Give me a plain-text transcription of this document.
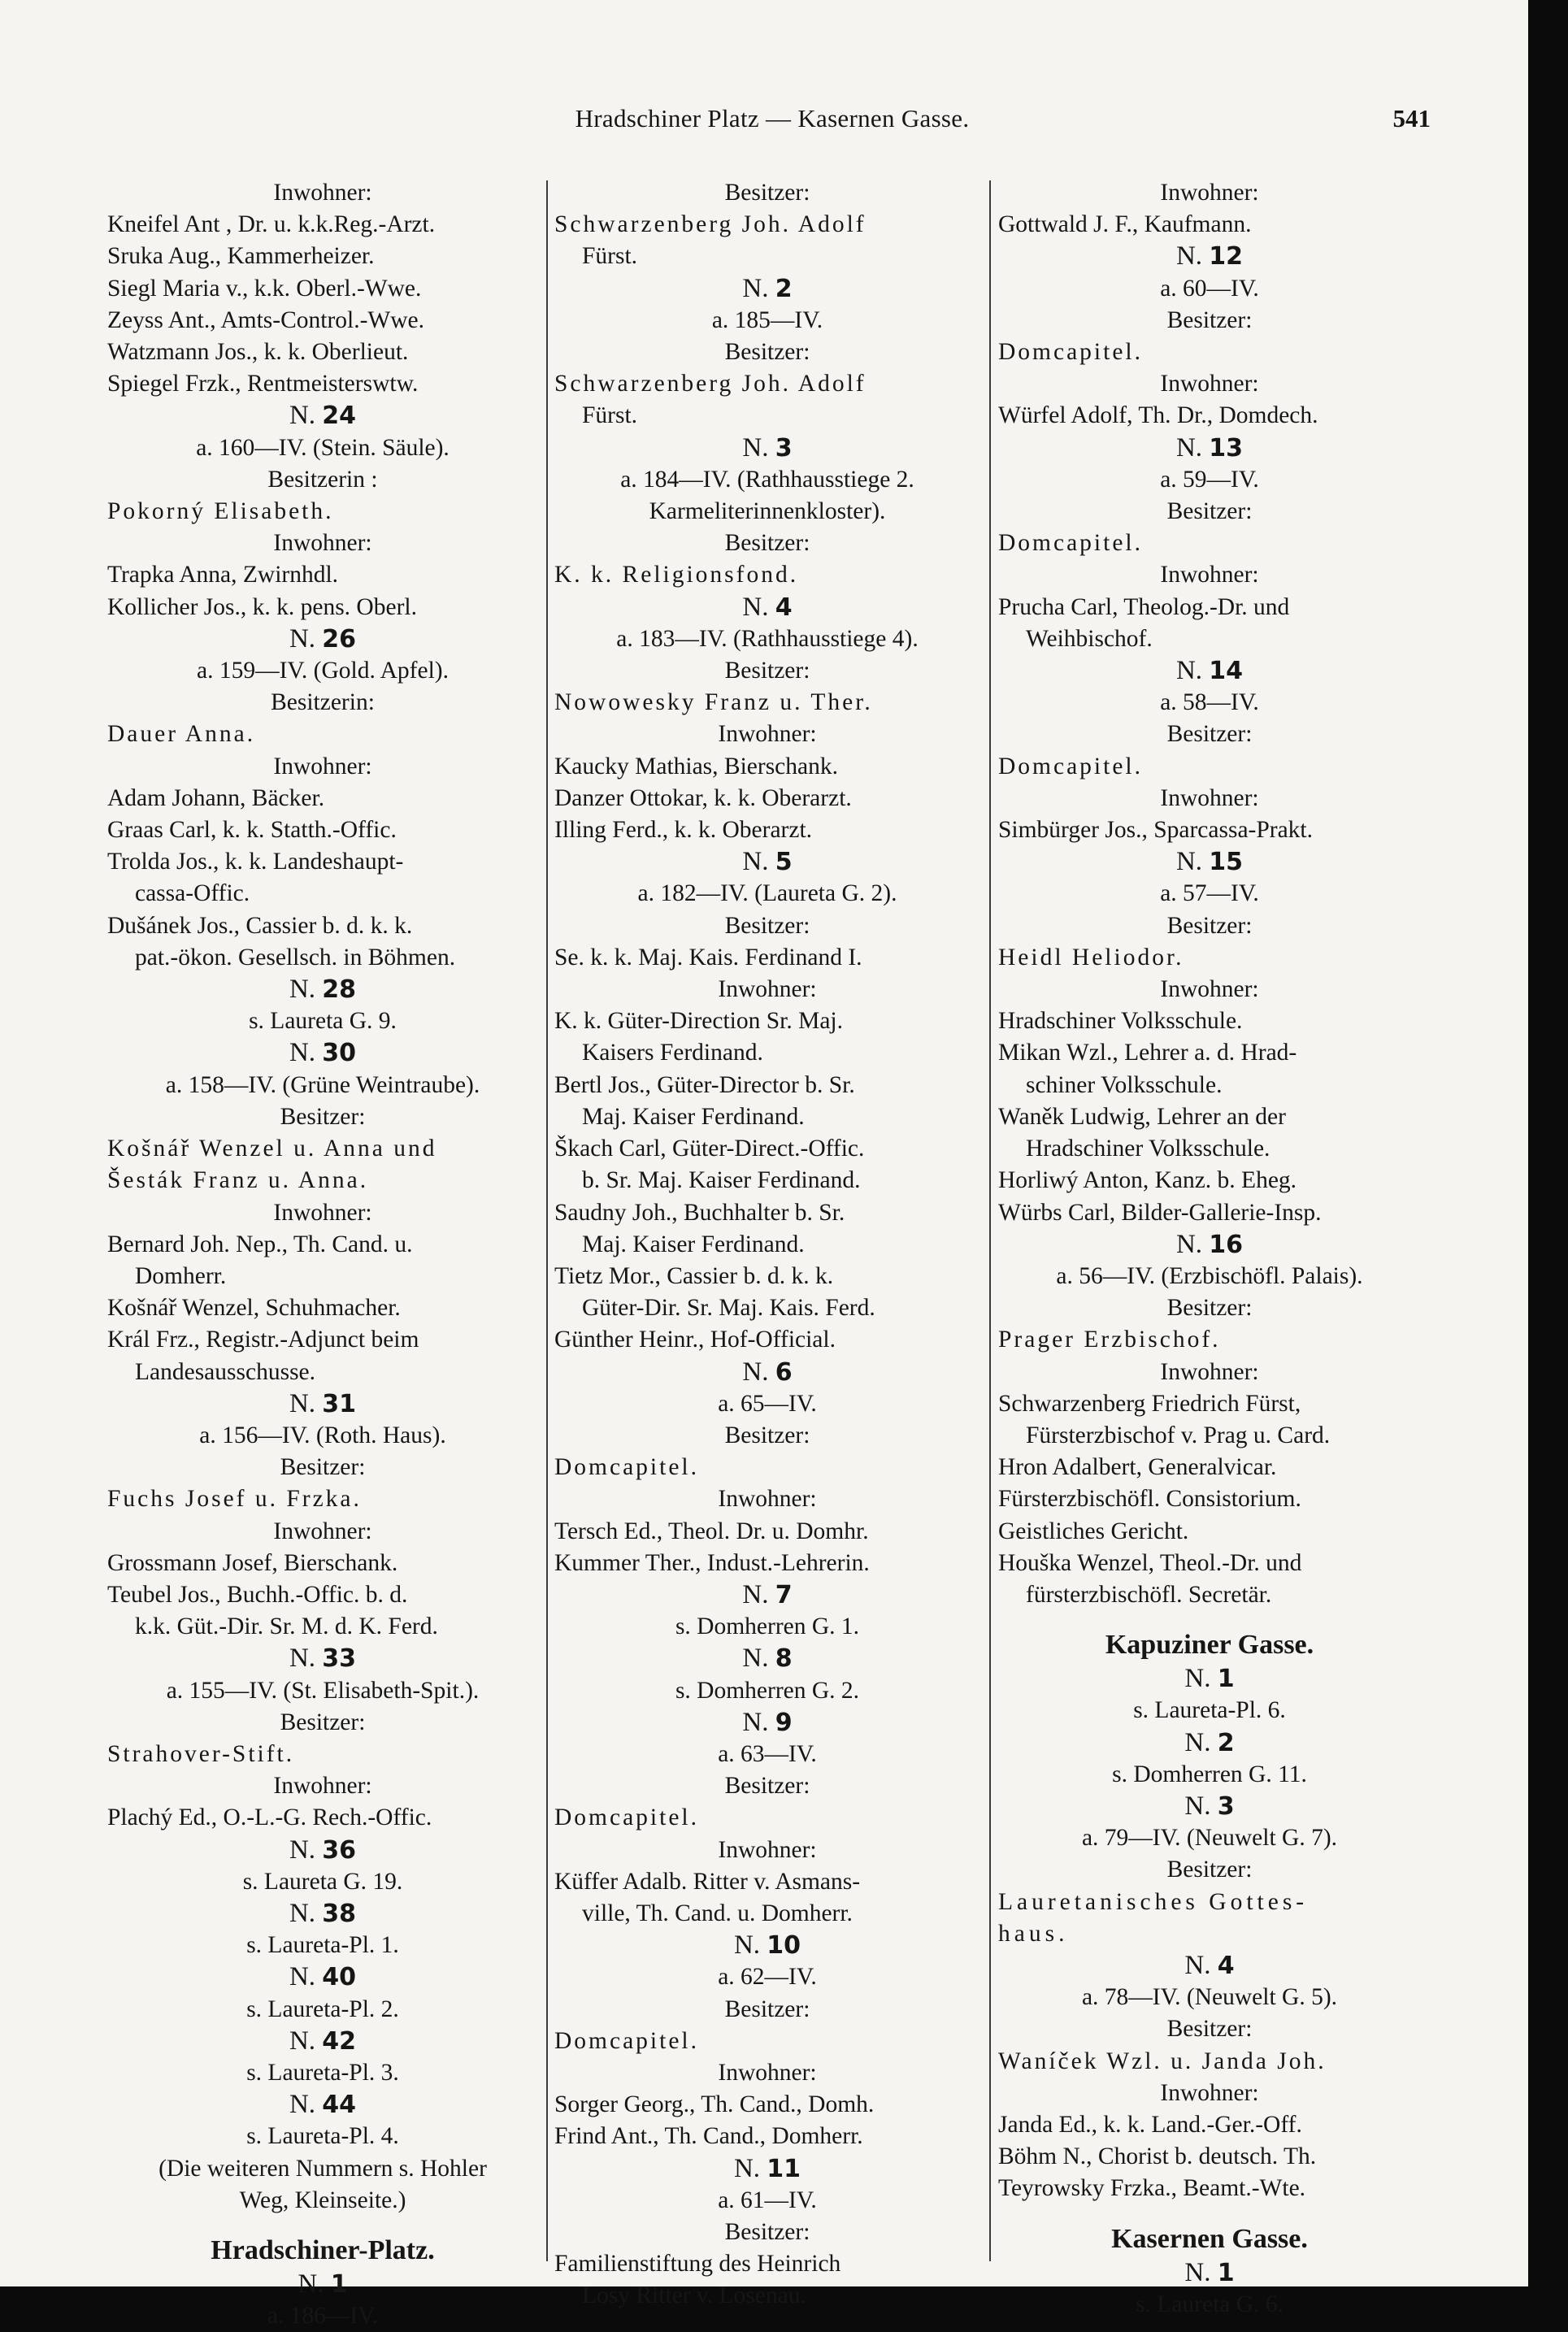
Hradschiner Platz — Kasernen Gasse.	541
Inwohner:
Kneifel Ant , Dr. u. k.k.Reg.-Arzt.
Sruka Aug., Kammerheizer.
Siegl Maria v., k.k. Oberl.-Wwe.
Zeyss Ant., Amts-Control.-Wwe.
Watzmann Jos., k. k. Oberlieut.
Spiegel Frzk., Rentmeisterswtw.
N. 24
a. 160—IV. (Stein. Säule).
Besitzerin :
Pokorný Elisabeth.
Inwohner:
Trapka Anna, Zwirnhdl.
Kollicher Jos., k. k. pens. Oberl.
N. 26
a. 159—IV. (Gold. Apfel).
Besitzerin:
Dauer Anna.
Inwohner:
Adam Johann, Bäcker.
Graas Carl, k. k. Statth.-Offic.
Trolda Jos., k. k. Landeshaupt-
cassa-Offic.
Dušánek Jos., Cassier b. d. k. k.
pat.-ökon. Gesellsch. in Böhmen.
N. 28
s. Laureta G. 9.
N. 30
a. 158—IV. (Grüne Weintraube).
Besitzer:
Košnář Wenzel u. Anna und
Šesták Franz u. Anna.
Inwohner:
Bernard Joh. Nep., Th. Cand. u.
Domherr.
Košnář Wenzel, Schuhmacher.
Král Frz., Registr.-Adjunct beim
Landesausschusse.
N. 31
a. 156—IV. (Roth. Haus).
Besitzer:
Fuchs Josef u. Frzka.
Inwohner:
Grossmann Josef, Bierschank.
Teubel Jos., Buchh.-Offic. b. d.
k.k. Güt.-Dir. Sr. M. d. K. Ferd.
N. 33
a. 155—IV. (St. Elisabeth-Spit.).
Besitzer:
Strahover-Stift.
Inwohner:
Plachý Ed., O.-L.-G. Rech.-Offic.
N. 36
s. Laureta G. 19.
N. 38
s. Laureta-Pl. 1.
N. 40
s. Laureta-Pl. 2.
N. 42
s. Laureta-Pl. 3.
N. 44
s. Laureta-Pl. 4.
(Die weiteren Nummern s. Hohler
Weg, Kleinseite.)
Hradschiner-Platz.
N. 1
a. 186—IV.
Besitzer:
Schwarzenberg Joh. Adolf
Fürst.
N. 2
a. 185—IV.
Besitzer:
Schwarzenberg Joh. Adolf
Fürst.
N. 3
a. 184—IV. (Rathhausstiege 2.
Karmeliterinnenkloster).
Besitzer:
K. k. Religionsfond.
N. 4
a. 183—IV. (Rathhausstiege 4).
Besitzer:
Nowowesky Franz u. Ther.
Inwohner:
Kaucky Mathias, Bierschank.
Danzer Ottokar, k. k. Oberarzt.
Illing Ferd., k. k. Oberarzt.
N. 5
a. 182—IV. (Laureta G. 2).
Besitzer:
Se. k. k. Maj. Kais. Ferdinand I.
Inwohner:
K. k. Güter-Direction Sr. Maj.
Kaisers Ferdinand.
Bertl Jos., Güter-Director b. Sr.
Maj. Kaiser Ferdinand.
Škach Carl, Güter-Direct.-Offic.
b. Sr. Maj. Kaiser Ferdinand.
Saudny Joh., Buchhalter b. Sr.
Maj. Kaiser Ferdinand.
Tietz Mor., Cassier b. d. k. k.
Güter-Dir. Sr. Maj. Kais. Ferd.
Günther Heinr., Hof-Official.
N. 6
a. 65—IV.
Besitzer:
Domcapitel.
Inwohner:
Tersch Ed., Theol. Dr. u. Domhr.
Kummer Ther., Indust.-Lehrerin.
N. 7
s. Domherren G. 1.
N. 8
s. Domherren G. 2.
N. 9
a. 63—IV.
Besitzer:
Domcapitel.
Inwohner:
Küffer Adalb. Ritter v. Asmans-
ville, Th. Cand. u. Domherr.
N. 10
a. 62—IV.
Besitzer:
Domcapitel.
Inwohner:
Sorger Georg., Th. Cand., Domh.
Frind Ant., Th. Cand., Domherr.
N. 11
a. 61—IV.
Besitzer:
Familienstiftung des Heinrich
Losy Ritter v. Losenau.
Inwohner:
Gottwald J. F., Kaufmann.
N. 12
a. 60—IV.
Besitzer:
Domcapitel.
Inwohner:
Würfel Adolf, Th. Dr., Domdech.
N. 13
a. 59—IV.
Besitzer:
Domcapitel.
Inwohner:
Prucha Carl, Theolog.-Dr. und
Weihbischof.
N. 14
a. 58—IV.
Besitzer:
Domcapitel.
Inwohner:
Simbürger Jos., Sparcassa-Prakt.
N. 15
a. 57—IV.
Besitzer:
Heidl Heliodor.
Inwohner:
Hradschiner Volksschule.
Mikan Wzl., Lehrer a. d. Hrad-
schiner Volksschule.
Waněk Ludwig, Lehrer an der
Hradschiner Volksschule.
Horliwý Anton, Kanz. b. Eheg.
Würbs Carl, Bilder-Gallerie-Insp.
N. 16
a. 56—IV. (Erzbischöfl. Palais).
Besitzer:
Prager Erzbischof.
Inwohner:
Schwarzenberg Friedrich Fürst,
Fürsterzbischof v. Prag u. Card.
Hron Adalbert, Generalvicar.
Fürsterzbischöfl. Consistorium.
Geistliches Gericht.
Houška Wenzel, Theol.-Dr. und
fürsterzbischöfl. Secretär.
Kapuziner Gasse.
N. 1
s. Laureta-Pl. 6.
N. 2
s. Domherren G. 11.
N. 3
a. 79—IV. (Neuwelt G. 7).
Besitzer:
Lauretanisches Gottes-
haus.
N. 4
a. 78—IV. (Neuwelt G. 5).
Besitzer:
Waníček Wzl. u. Janda Joh.
Inwohner:
Janda Ed., k. k. Land.-Ger.-Off.
Böhm N., Chorist b. deutsch. Th.
Teyrowsky Frzka., Beamt.-Wte.
Kasernen Gasse.
N. 1
s. Laureta G. 6.
